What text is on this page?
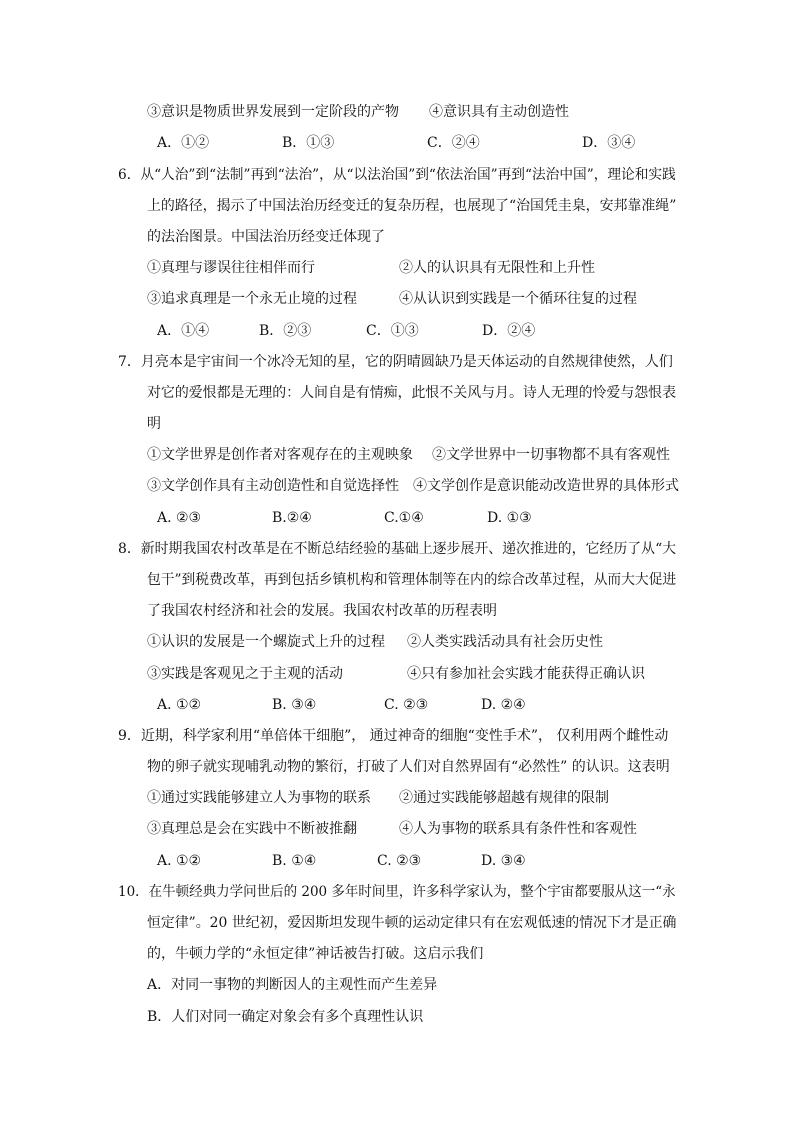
③意识是物质世界发展到一定阶段的产物 ④意识具有主动创造性
A．①②	B．①③	C．②④	D．③④
6．从“人治”到“法制”再到“法治”，从“以法治国”到“依法治国”再到“法治中国”，理论和实践
上的路径，揭示了中国法治历经变迁的复杂历程，也展现了“治国凭圭臬，安邦靠准绳”
的法治图景。中国法治历经变迁体现了
①真理与谬误往往相伴而行	②人的认识具有无限性和上升性
③追求真理是一个永无止境的过程	④从认识到实践是一个循环往复的过程
A．①④	B．②③	C．①③	D．②④
7．月亮本是宇宙间一个冰冷无知的星，它的阴晴圆缺乃是天体运动的自然规律使然，人们
对它的爱恨都是无理的：人间自是有情痴，此恨不关风与月。诗人无理的怜爱与怨恨表
明
①文学世界是创作者对客观存在的主观映象 ②文学世界中一切事物都不具有客观性
③文学创作具有主动创造性和自觉选择性 ④文学创作是意识能动改造世界的具体形式
A. ②③	B.②④	C.①④	D. ①③
8．新时期我国农村改革是在不断总结经验的基础上逐步展开、递次推进的，它经历了从“大
包干”到税费改革，再到包括乡镇机构和管理体制等在内的综合改革过程，从而大大促进
了我国农村经济和社会的发展。我国农村改革的历程表明
①认识的发展是一个螺旋式上升的过程 ②人类实践活动具有社会历史性
③实践是客观见之于主观的活动	④只有参加社会实践才能获得正确认识
A. ①②	B. ③④	C. ②③	D. ②④
9．近期，科学家利用“单倍体干细胞”， 通过神奇的细胞“变性手术”， 仅利用两个雌性动
物的卵子就实现哺乳动物的繁衍，打破了人们对自然界固有“必然性” 的认识。这表明
①通过实践能够建立人为事物的联系 ②通过实践能够超越有规律的限制
③真理总是会在实践中不断被推翻	④人为事物的联系具有条件性和客观性
A. ①②	B. ①④	C. ②③	D. ③④
10．在牛顿经典力学问世后的 200 多年时间里，许多科学家认为，整个宇宙都要服从这一“永
恒定律”。20 世纪初，爱因斯坦发现牛顿的运动定律只有在宏观低速的情况下才是正确
的，牛顿力学的“永恒定律”神话被告打破。这启示我们
A．对同一事物的判断因人的主观性而产生差异
B．人们对同一确定对象会有多个真理性认识
